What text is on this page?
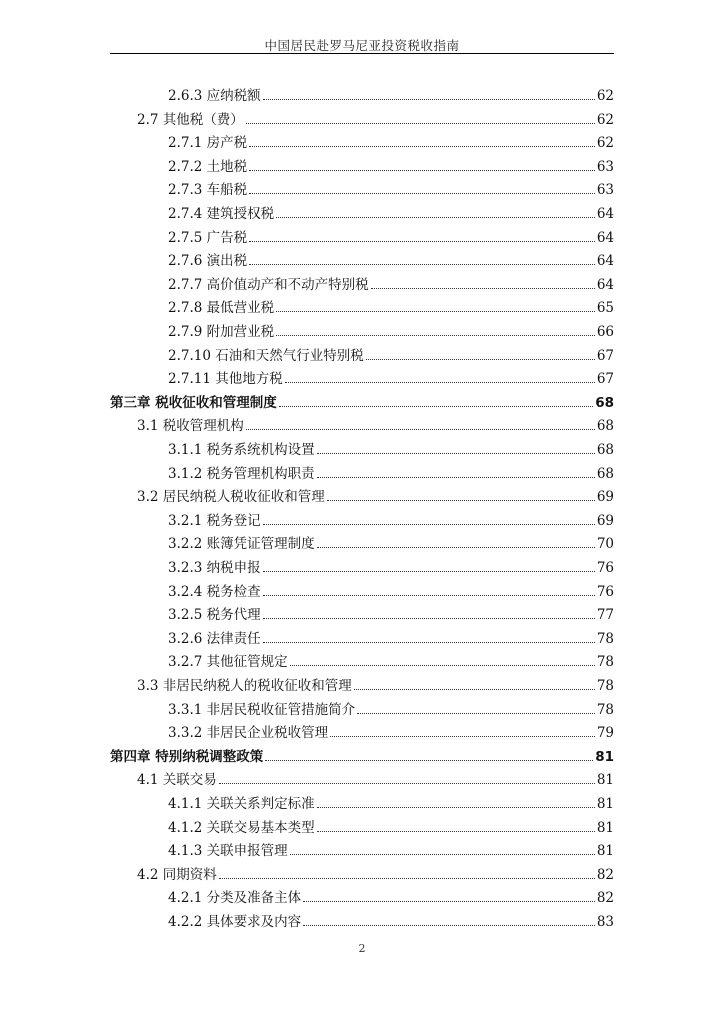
中国居民赴罗马尼亚投资税收指南
2.6.3 应纳税额	62
2.7 其他税（费）	62
2.7.1 房产税	62
2.7.2 土地税	63
2.7.3 车船税	63
2.7.4 建筑授权税	64
2.7.5 广告税	64
2.7.6 演出税	64
2.7.7 高价值动产和不动产特别税	64
2.7.8 最低营业税	65
2.7.9 附加营业税	66
2.7.10 石油和天然气行业特别税	67
2.7.11 其他地方税	67
第三章 税收征收和管理制度	68
3.1 税收管理机构	68
3.1.1 税务系统机构设置	68
3.1.2 税务管理机构职责	68
3.2 居民纳税人税收征收和管理	69
3.2.1 税务登记	69
3.2.2 账簿凭证管理制度	70
3.2.3 纳税申报	76
3.2.4 税务检查	76
3.2.5 税务代理	77
3.2.6 法律责任	78
3.2.7 其他征管规定	78
3.3 非居民纳税人的税收征收和管理	78
3.3.1 非居民税收征管措施简介	78
3.3.2 非居民企业税收管理	79
第四章 特别纳税调整政策	81
4.1 关联交易	81
4.1.1 关联关系判定标准	81
4.1.2 关联交易基本类型	81
4.1.3 关联申报管理	81
4.2 同期资料	82
4.2.1 分类及准备主体	82
4.2.2 具体要求及内容	83
2
